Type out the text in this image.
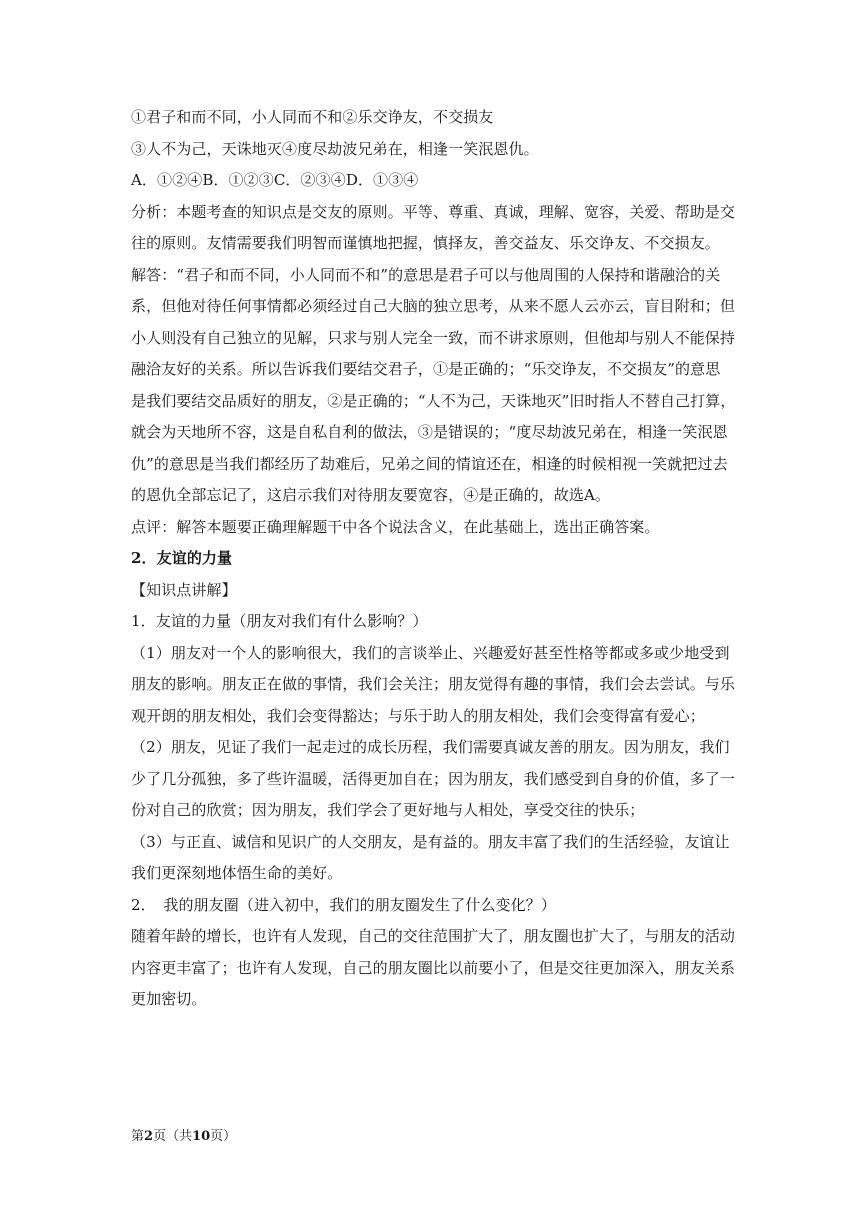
①君子和而不同，小人同而不和②乐交诤友，不交损友

③人不为己，天诛地灭④度尽劫波兄弟在，相逢一笑泯恩仇。

A．①②④B．①②③C．②③④D．①③④

分析：本题考查的知识点是交友的原则。平等、尊重、真诚，理解、宽容，关爱、帮助是交

往的原则。友情需要我们明智而谨慎地把握，慎择友，善交益友、乐交诤友、不交损友。

解答：“君子和而不同，小人同而不和”的意思是君子可以与他周围的人保持和谐融洽的关

系，但他对待任何事情都必须经过自己大脑的独立思考，从来不愿人云亦云，盲目附和；但

小人则没有自己独立的见解，只求与别人完全一致，而不讲求原则，但他却与别人不能保持

融洽友好的关系。所以告诉我们要结交君子，①是正确的；“乐交诤友，不交损友”的意思

是我们要结交品质好的朋友，②是正确的；“人不为己，天诛地灭”旧时指人不替自己打算，

就会为天地所不容，这是自私自利的做法，③是错误的；“度尽劫波兄弟在，相逢一笑泯恩

仇”的意思是当我们都经历了劫难后，兄弟之间的情谊还在，相逢的时候相视一笑就把过去

的恩仇全部忘记了，这启示我们对待朋友要宽容，④是正确的，故选A。

点评：解答本题要正确理解题干中各个说法含义，在此基础上，选出正确答案。

2．友谊的力量

【知识点讲解】

1．友谊的力量（朋友对我们有什么影响？）

（1）朋友对一个人的影响很大，我们的言谈举止、兴趣爱好甚至性格等都或多或少地受到

朋友的影响。朋友正在做的事情，我们会关注；朋友觉得有趣的事情，我们会去尝试。与乐

观开朗的朋友相处，我们会变得豁达；与乐于助人的朋友相处，我们会变得富有爱心；

（2）朋友，见证了我们一起走过的成长历程，我们需要真诚友善的朋友。因为朋友，我们

少了几分孤独，多了些许温暖，活得更加自在；因为朋友，我们感受到自身的价值，多了一

份对自己的欣赏；因为朋友，我们学会了更好地与人相处，享受交往的快乐；

（3）与正直、诚信和见识广的人交朋友，是有益的。朋友丰富了我们的生活经验，友谊让

我们更深刻地体悟生命的美好。

2．　我的朋友圈（进入初中，我们的朋友圈发生了什么变化？）

随着年龄的增长，也许有人发现，自己的交往范围扩大了，朋友圈也扩大了，与朋友的活动

内容更丰富了；也许有人发现，自己的朋友圈比以前要小了，但是交往更加深入，朋友关系

更加密切。

第2页（共10页）
